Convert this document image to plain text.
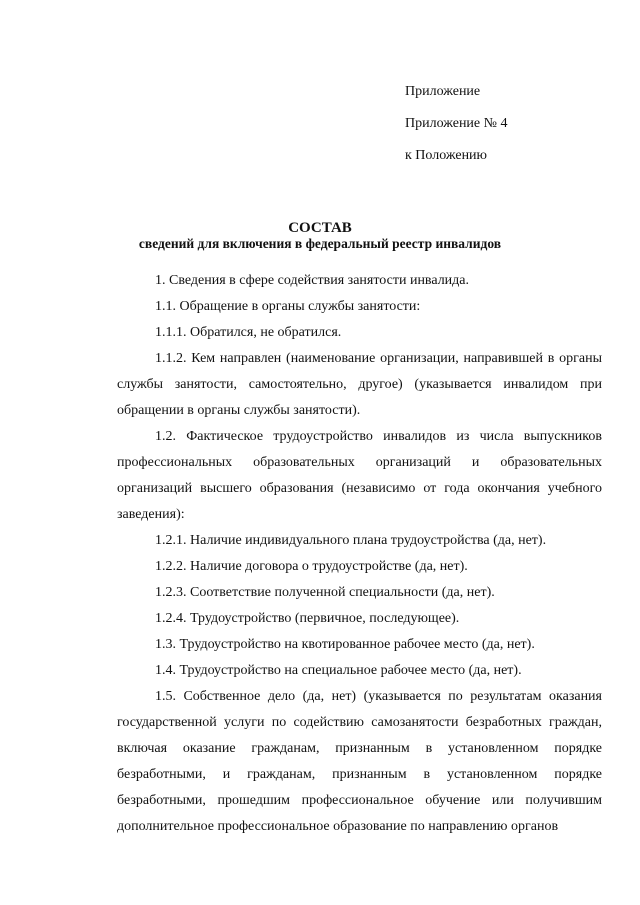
Приложение
Приложение № 4
к Положению
СОСТАВ
сведений для включения в федеральный реестр инвалидов

1. Сведения в сфере содействия занятости инвалида.

1.1. Обращение в органы службы занятости:

1.1.1. Обратился, не обратился.

1.1.2. Кем направлен (наименование организации, направившей в органы службы занятости, самостоятельно, другое) (указывается инвалидом при обращении в органы службы занятости).

1.2. Фактическое трудоустройство инвалидов из числа выпускников профессиональных образовательных организаций и образовательных организаций высшего образования (независимо от года окончания учебного заведения):

1.2.1. Наличие индивидуального плана трудоустройства (да, нет).

1.2.2. Наличие договора о трудоустройстве (да, нет).

1.2.3. Соответствие полученной специальности (да, нет).

1.2.4. Трудоустройство (первичное, последующее).

1.3. Трудоустройство на квотированное рабочее место (да, нет).

1.4. Трудоустройство на специальное рабочее место (да, нет).

1.5. Собственное дело (да, нет) (указывается по результатам оказания государственной услуги по содействию самозанятости безработных граждан, включая оказание гражданам, признанным в установленном порядке безработными, и гражданам, признанным в установленном порядке безработными, прошедшим профессиональное обучение или получившим дополнительное профессиональное образование по направлению органов
